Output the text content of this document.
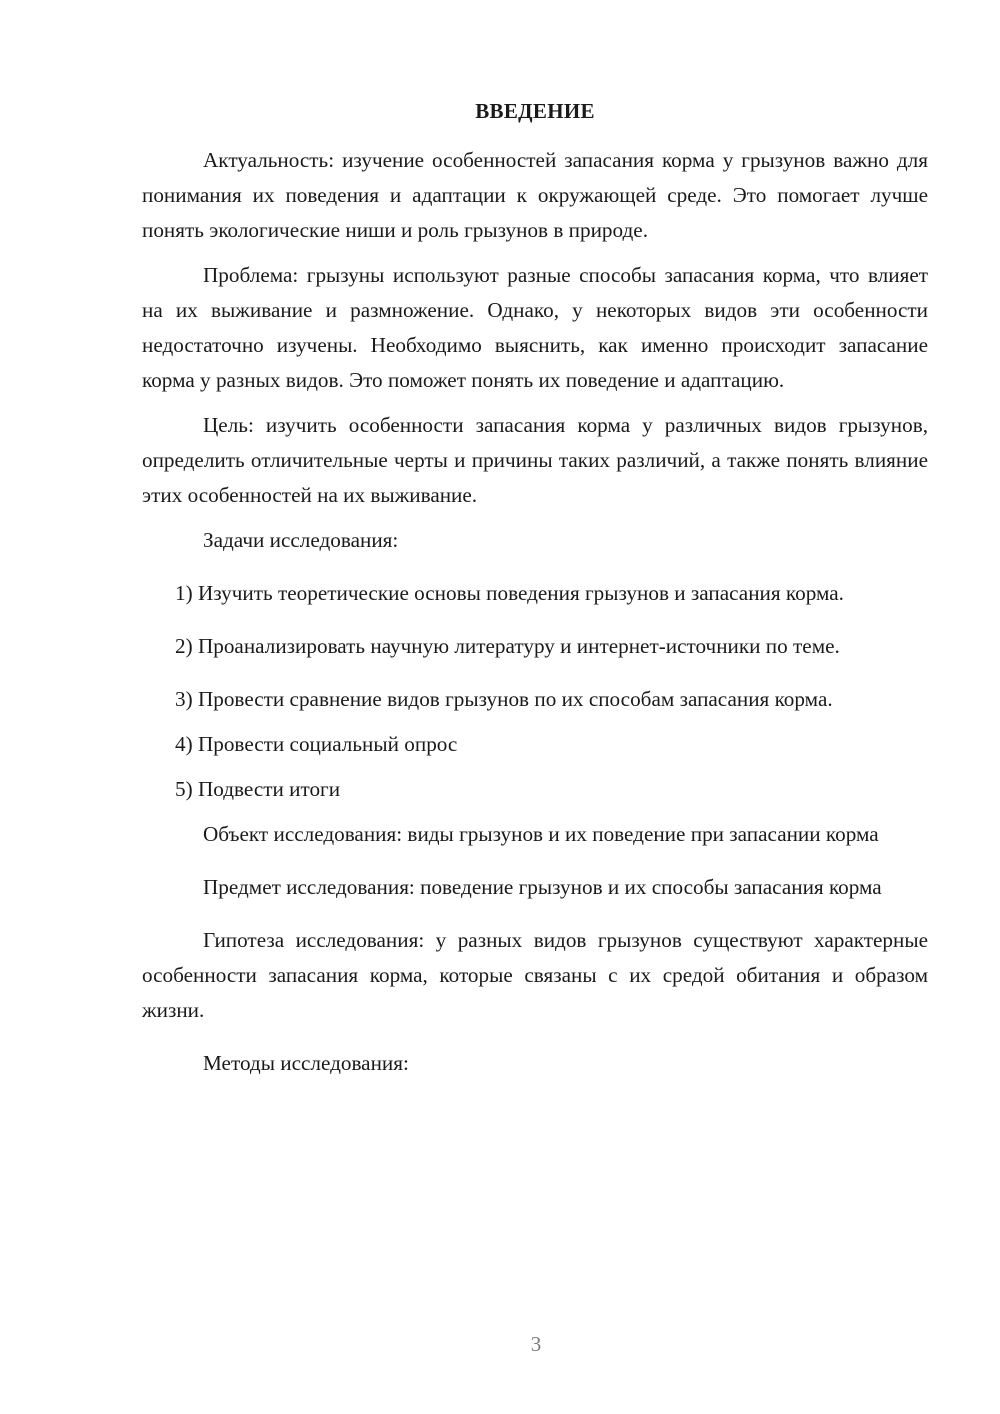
ВВЕДЕНИЕ

Актуальность: изучение особенностей запасания корма у грызунов важно для понимания их поведения и адаптации к окружающей среде. Это помогает лучше понять экологические ниши и роль грызунов в природе.

Проблема: грызуны используют разные способы запасания корма, что влияет на их выживание и размножение. Однако, у некоторых видов эти особенности недостаточно изучены. Необходимо выяснить, как именно происходит запасание корма у разных видов. Это поможет понять их поведение и адаптацию.

Цель: изучить особенности запасания корма у различных видов грызунов, определить отличительные черты и причины таких различий, а также понять влияние этих особенностей на их выживание.

Задачи исследования:

1) Изучить теоретические основы поведения грызунов и запасания корма.

2) Проанализировать научную литературу и интернет-источники по теме.

3) Провести сравнение видов грызунов по их способам запасания корма.

4) Провести социальный опрос

5) Подвести итоги

Объект исследования: виды грызунов и их поведение при запасании корма

Предмет исследования: поведение грызунов и их способы запасания корма

Гипотеза исследования: у разных видов грызунов существуют характерные особенности запасания корма, которые связаны с их средой обитания и образом жизни.

Методы исследования:

3
